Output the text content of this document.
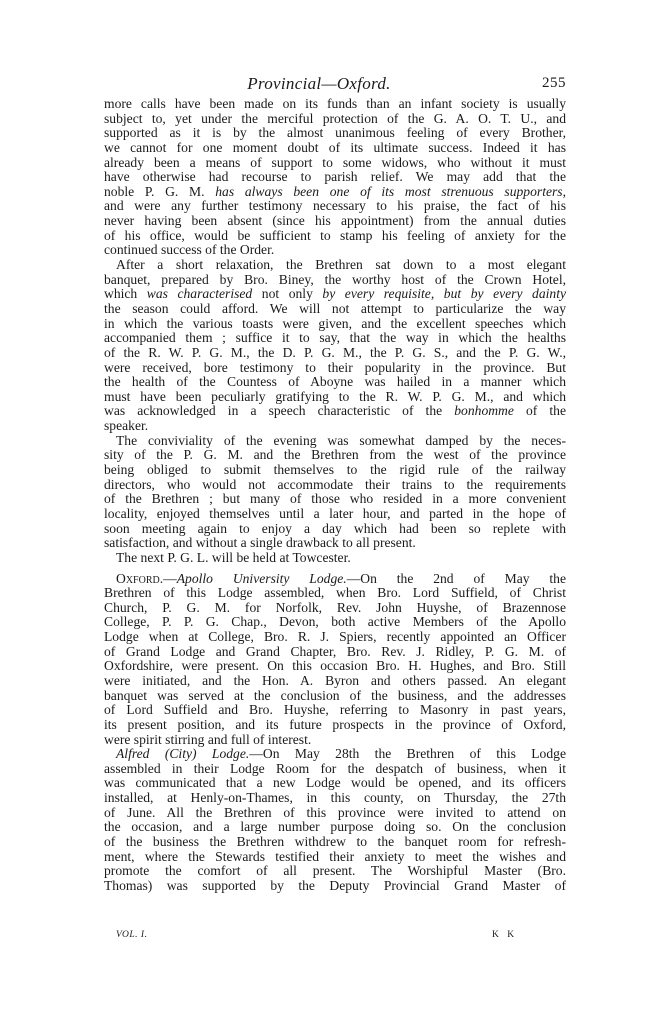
Provincial—Oxford.	255
more calls have been made on its funds than an infant society is usually
subject to, yet under the merciful protection of the G. A. O. T. U., and
supported as it is by the almost unanimous feeling of every Brother,
we cannot for one moment doubt of its ultimate success. Indeed it has
already been a means of support to some widows, who without it must
have otherwise had recourse to parish relief. We may add that the
noble P. G. M. has always been one of its most strenuous supporters,
and were any further testimony necessary to his praise, the fact of his
never having been absent (since his appointment) from the annual duties
of his office, would be sufficient to stamp his feeling of anxiety for the
continued success of the Order.
After a short relaxation, the Brethren sat down to a most elegant
banquet, prepared by Bro. Biney, the worthy host of the Crown Hotel,
which was characterised not only by every requisite, but by every dainty
the season could afford. We will not attempt to particularize the way
in which the various toasts were given, and the excellent speeches which
accompanied them ; suffice it to say, that the way in which the healths
of the R. W. P. G. M., the D. P. G. M., the P. G. S., and the P. G. W.,
were received, bore testimony to their popularity in the province. But
the health of the Countess of Aboyne was hailed in a manner which
must have been peculiarly gratifying to the R. W. P. G. M., and which
was acknowledged in a speech characteristic of the bonhomme of the
speaker.
The conviviality of the evening was somewhat damped by the neces-
sity of the P. G. M. and the Brethren from the west of the province
being obliged to submit themselves to the rigid rule of the railway
directors, who would not accommodate their trains to the requirements
of the Brethren ; but many of those who resided in a more convenient
locality, enjoyed themselves until a later hour, and parted in the hope of
soon meeting again to enjoy a day which had been so replete with
satisfaction, and without a single drawback to all present.
The next P. G. L. will be held at Towcester.
Oxford.—Apollo University Lodge.—On the 2nd of May the
Brethren of this Lodge assembled, when Bro. Lord Suffield, of Christ
Church, P. G. M. for Norfolk, Rev. John Huyshe, of Brazennose
College, P. P. G. Chap., Devon, both active Members of the Apollo
Lodge when at College, Bro. R. J. Spiers, recently appointed an Officer
of Grand Lodge and Grand Chapter, Bro. Rev. J. Ridley, P. G. M. of
Oxfordshire, were present. On this occasion Bro. H. Hughes, and Bro. Still
were initiated, and the Hon. A. Byron and others passed. An elegant
banquet was served at the conclusion of the business, and the addresses
of Lord Suffield and Bro. Huyshe, referring to Masonry in past years,
its present position, and its future prospects in the province of Oxford,
were spirit stirring and full of interest.
Alfred (City) Lodge.—On May 28th the Brethren of this Lodge
assembled in their Lodge Room for the despatch of business, when it
was communicated that a new Lodge would be opened, and its officers
installed, at Henly-on-Thames, in this county, on Thursday, the 27th
of June. All the Brethren of this province were invited to attend on
the occasion, and a large number purpose doing so. On the conclusion
of the business the Brethren withdrew to the banquet room for refresh-
ment, where the Stewards testified their anxiety to meet the wishes and
promote the comfort of all present. The Worshipful Master (Bro.
Thomas) was supported by the Deputy Provincial Grand Master of
VOL. I.	K K
